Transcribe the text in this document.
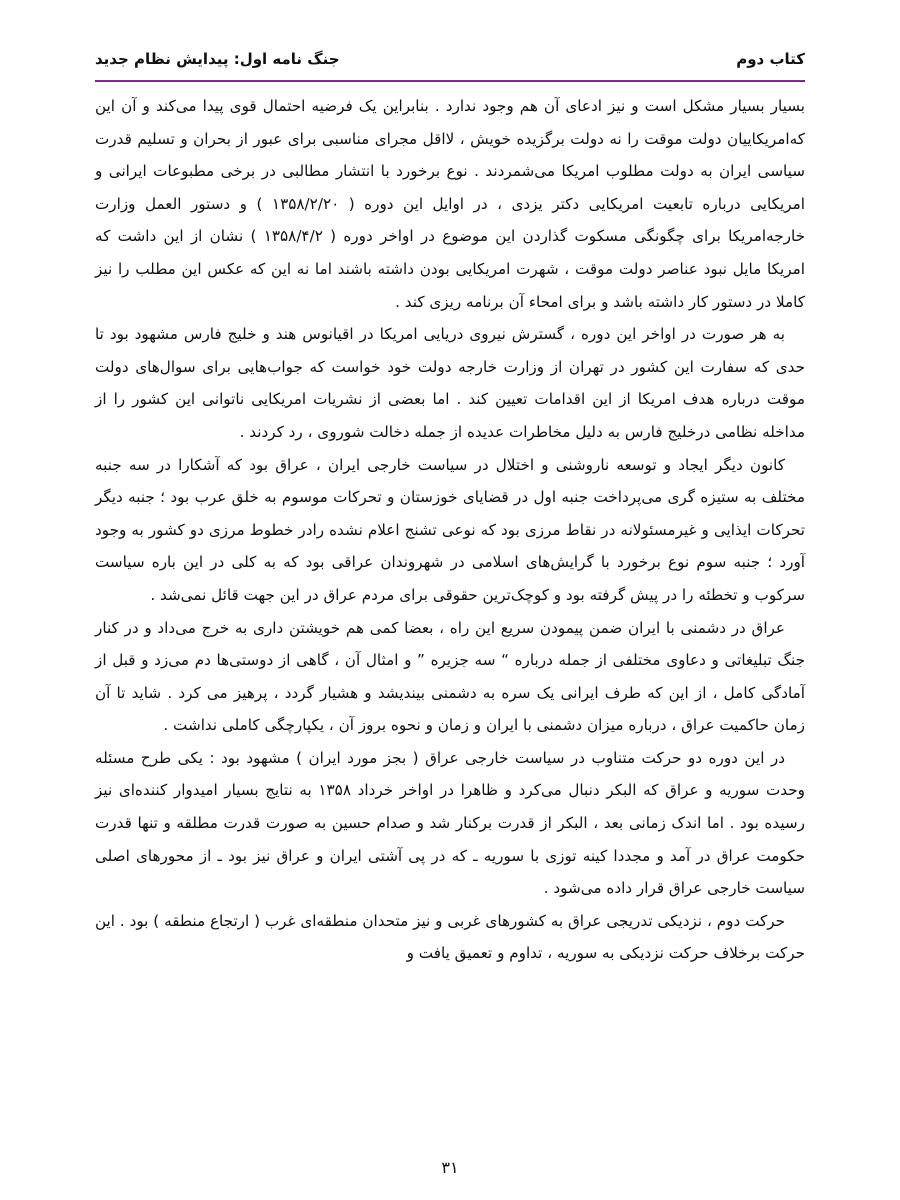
کتاب دوم
جنگ نامه اول: پیدایش نظام جدید

بسیار بسیار مشکل است و نیز ادعای آن هم وجود ندارد . بنابراین یک فرضیه احتمال قوی پیدا می‌کند و آن این که‌امریکاییان دولت موقت را نه دولت برگزیده خویش ، لااقل مجرای مناسبی برای عبور از بحران و تسلیم قدرت سیاسی ایران به دولت مطلوب امریکا می‌شمردند . نوع برخورد با انتشار مطالبی در برخی مطبوعات ایرانی و امریکایی درباره تابعیت امریکایی دکتر یزدی ، در اوایل این دوره ( ۱۳۵۸/۲/۲۰ ) و دستور العمل وزارت خارجه‌امریکا برای چگونگی مسکوت گذاردن این موضوع در اواخر دوره ( ۱۳۵۸/۴/۲ ) نشان از این داشت که امریکا مایل نبود عناصر دولت موقت ، شهرت امریکایی بودن داشته باشند اما نه این که عکس این مطلب را نیز کاملا در دستور کار داشته باشد و برای امحاء آن برنامه ریزی کند .

به هر صورت در اواخر این دوره ، گسترش نیروی دریایی امریکا در اقیانوس هند و خلیج فارس مشهود بود تا حدی که سفارت این کشور در تهران از وزارت خارجه دولت خود خواست که جواب‌هایی برای سوال‌های دولت موقت درباره هدف امریکا از این اقدامات تعیین کند . اما بعضی از نشریات امریکایی ناتوانی این کشور را از مداخله نظامی درخلیج فارس به دلیل مخاطرات عدیده از جمله دخالت شوروی ، رد کردند .

کانون دیگر ایجاد و توسعه ناروشنی و اختلال در سیاست خارجی ایران ، عراق بود که آشکارا در سه جنبه مختلف به ستیزه گری می‌پرداخت جنبه اول در قضایای خوزستان و تحرکات موسوم به خلق عرب بود ؛ جنبه دیگر تحرکات ایذایی و غیرمسئولانه در نقاط مرزی بود که نوعی تشنج اعلام نشده رادر خطوط مرزی دو کشور به وجود آورد ؛ جنبه سوم نوع برخورد با گرایش‌های اسلامی در شهروندان عراقی بود که به کلی در این باره سیاست سرکوب و تخطئه را در پیش گرفته بود و کوچک‌ترین حقوقی برای مردم عراق در این جهت قائل نمی‌شد .

عراق در دشمنی با ایران ضمن پیمودن سریع این راه ، بعضا کمی هم خویشتن داری به خرج می‌داد و در کنار جنگ تبلیغاتی و دعاوی مختلفی از جمله درباره “ سه جزیره ” و امثال آن ، گاهی از دوستی‌ها دم می‌زد و قبل از آمادگی کامل ، از این که طرف ایرانی یک سره به دشمنی بیندیشد و هشیار گردد ، پرهیز می کرد . شاید تا آن زمان حاکمیت عراق ، درباره میزان دشمنی با ایران و زمان و نحوه بروز آن ، یکپارچگی کاملی نداشت .

در این دوره دو حرکت متناوب در سیاست خارجی عراق ( بجز مورد ایران ) مشهود بود : یکی طرح مسئله وحدت سوریه و عراق که البکر دنبال می‌کرد و ظاهرا در اواخر خرداد ۱۳۵۸ به نتایج بسیار امیدوار کننده‌ای نیز رسیده بود . اما اندک زمانی بعد ، البکر از قدرت برکنار شد و صدام حسین به صورت قدرت مطلقه و تنها قدرت حکومت عراق در آمد و مجددا کینه توزی با سوریه ـ که در پی آشتی ایران و عراق نیز بود ـ از محورهای اصلی سیاست خارجی عراق قرار داده می‌شود .

حرکت دوم ، نزدیکی تدریجی عراق به کشورهای غربی و نیز متحدان منطقه‌ای غرب ( ارتجاع منطقه ) بود . این حرکت برخلاف حرکت نزدیکی به سوریه ، تداوم و تعمیق یافت و

۳۱
